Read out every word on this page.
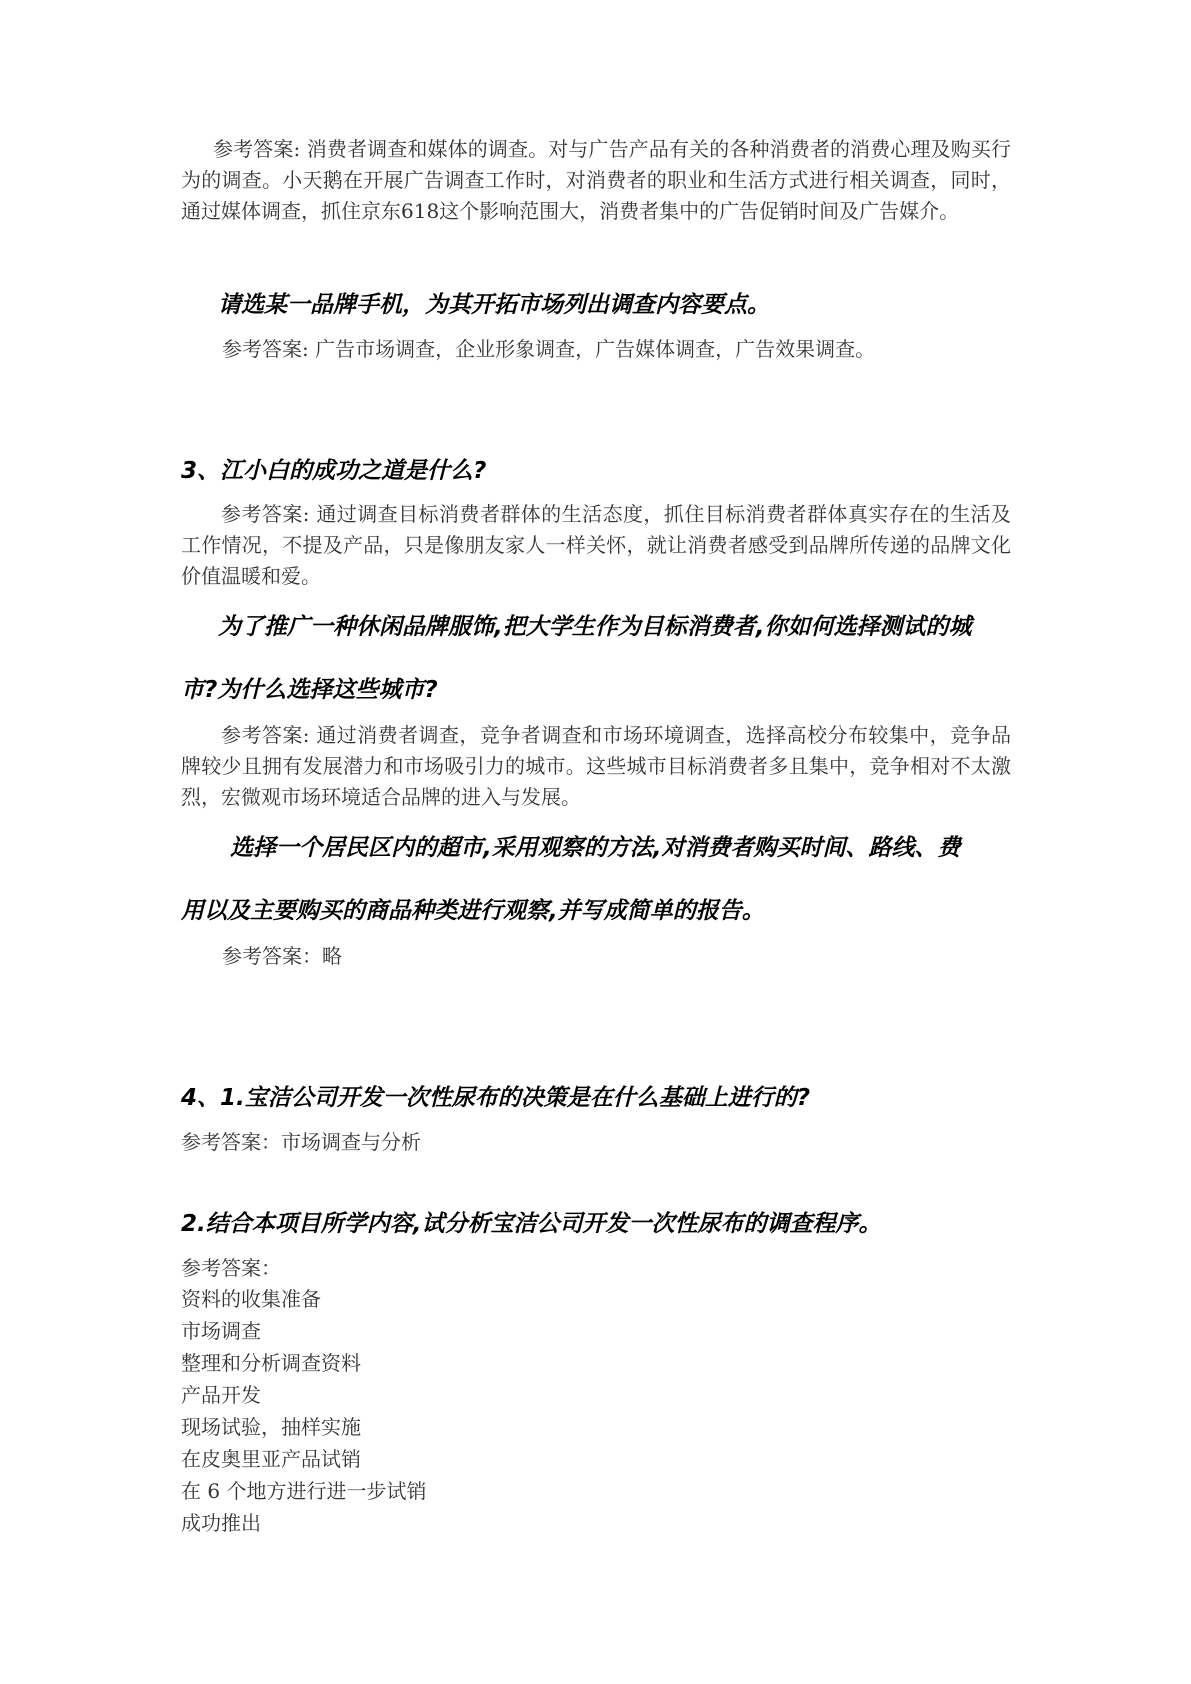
参考答案: 消费者调查和媒体的调查。对与广告产品有关的各种消费者的消费心理及购买行为的调查。小天鹅在开展广告调查工作时，对消费者的职业和生活方式进行相关调查，同时，通过媒体调查，抓住京东618这个影响范围大，消费者集中的广告促销时间及广告媒介。

请选某一品牌手机，为其开拓市场列出调查内容要点。

参考答案: 广告市场调查，企业形象调查，广告媒体调查，广告效果调查。

3、江小白的成功之道是什么?

参考答案: 通过调查目标消费者群体的生活态度，抓住目标消费者群体真实存在的生活及工作情况，不提及产品，只是像朋友家人一样关怀，就让消费者感受到品牌所传递的品牌文化价值温暖和爱。

为了推广一种休闲品牌服饰,把大学生作为目标消费者,你如何选择测试的城

市?为什么选择这些城市?

参考答案: 通过消费者调查，竞争者调查和市场环境调查，选择高校分布较集中，竞争品牌较少且拥有发展潜力和市场吸引力的城市。这些城市目标消费者多且集中，竞争相对不太激烈，宏微观市场环境适合品牌的进入与发展。

选择一个居民区内的超市,采用观察的方法,对消费者购买时间、路线、费

用以及主要购买的商品种类进行观察,并写成简单的报告。

参考答案：略

4、1.宝洁公司开发一次性尿布的决策是在什么基础上进行的?

参考答案：市场调查与分析

2.结合本项目所学内容,试分析宝洁公司开发一次性尿布的调查程序。

参考答案：

资料的收集准备

市场调查

整理和分析调查资料

产品开发

现场试验，抽样实施

在皮奥里亚产品试销

在 6 个地方进行进一步试销

成功推出
